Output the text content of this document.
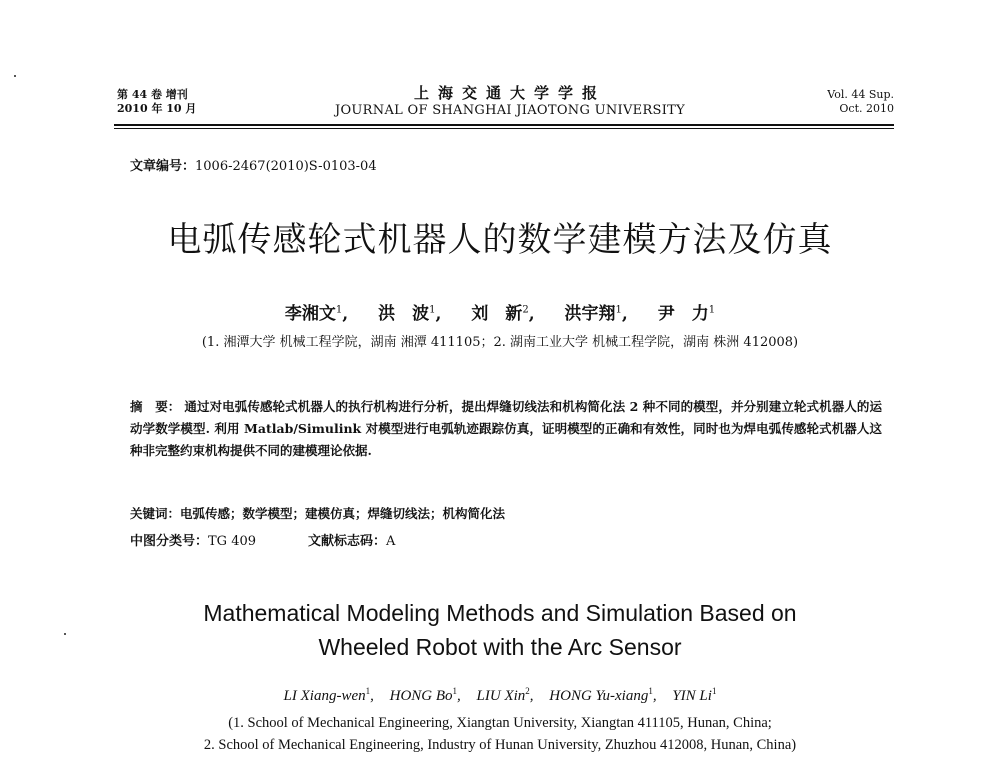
第 44 卷 增刊
2010 年 10 月
上海交通大学学报
JOURNAL OF SHANGHAI JIAOTONG UNIVERSITY
Vol. 44 Sup.
Oct. 2010
文章编号：1006-2467(2010)S-0103-04
电弧传感轮式机器人的数学建模方法及仿真
李湘文$^1$, 洪　波$^1$, 刘　新$^2$, 洪宇翔$^1$, 尹　力$^1$
(1. 湘潭大学 机械工程学院，湖南 湘潭 411105；2. 湖南工业大学 机械工程学院，湖南 株洲 412008)
摘　要： 通过对电弧传感轮式机器人的执行机构进行分析，提出焊缝切线法和机构简化法 2 种不同的模型，并分别建立轮式机器人的运动学数学模型. 利用 Matlab/Simulink 对模型进行电弧轨迹跟踪仿真，证明模型的正确和有效性，同时也为焊电弧传感轮式机器人这种非完整约束机构提供不同的建模理论依据.
关键词：电弧传感；数学模型；建模仿真；焊缝切线法；机构简化法
中图分类号：TG 409	文献标志码：A
Mathematical Modeling Methods and Simulation Based on
Wheeled Robot with the Arc Sensor
LI Xiang-wen$^1$, HONG Bo$^1$, LIU Xin$^2$, HONG Yu-xiang$^1$, YIN Li$^1$
(1. School of Mechanical Engineering, Xiangtan University, Xiangtan 411105, Hunan, China;
2. School of Mechanical Engineering, Industry of Hunan University, Zhuzhou 412008, Hunan, China)
